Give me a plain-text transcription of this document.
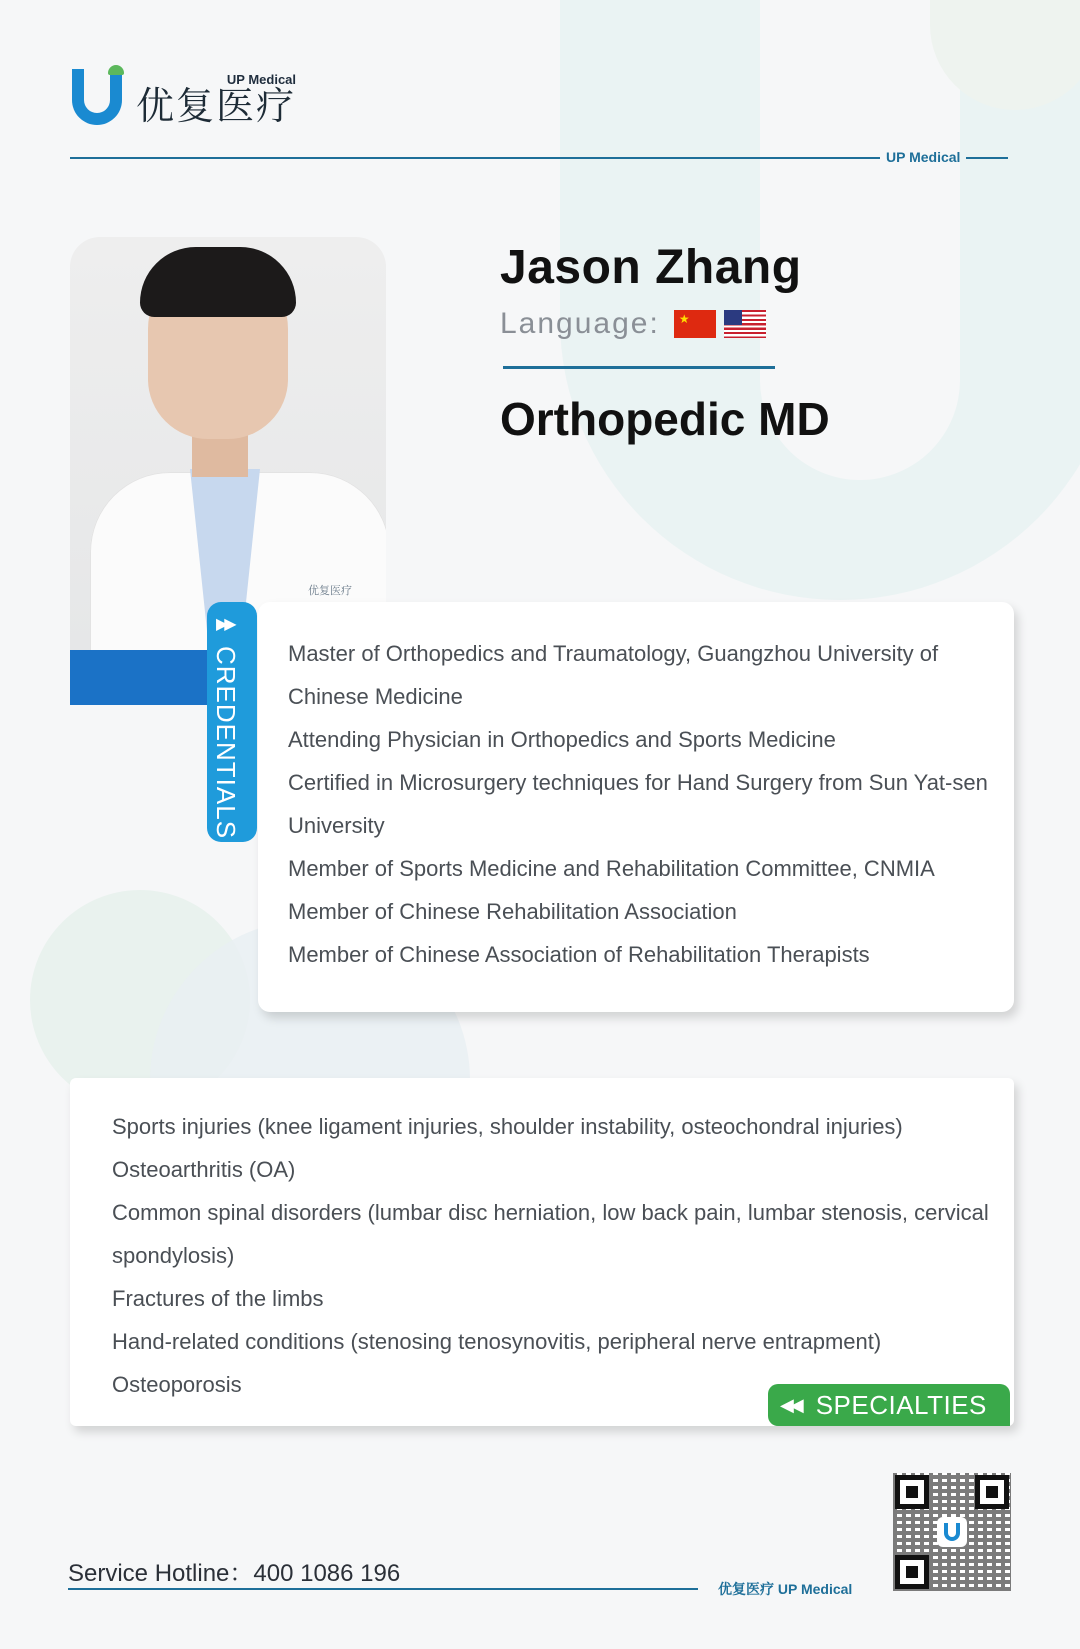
UP Medical
优复医疗
UP Medical
优复医疗
Jason Zhang
Language: ★
Orthopedic MD
▶▶
CREDENTIALS Master of Orthopedics and Traumatology, Guangzhou University of Chinese Medicine
Attending Physician in Orthopedics and Sports Medicine
Certified in Microsurgery techniques for Hand Surgery from Sun Yat-sen University
Member of Sports Medicine and Rehabilitation Committee, CNMIA
Member of Chinese Rehabilitation Association
Member of Chinese Association of Rehabilitation Therapists
Sports injuries (knee ligament injuries, shoulder instability, osteochondral injuries)
Osteoarthritis (OA)
Common spinal disorders (lumbar disc herniation, low back pain, lumbar stenosis, cervical spondylosis)
Fractures of the limbs
Hand-related conditions (stenosing tenosynovitis, peripheral nerve entrapment)
Osteoporosis
◀◀ SPECIALTIES
Service Hotline：400 1086 196
优复医疗 UP Medical
